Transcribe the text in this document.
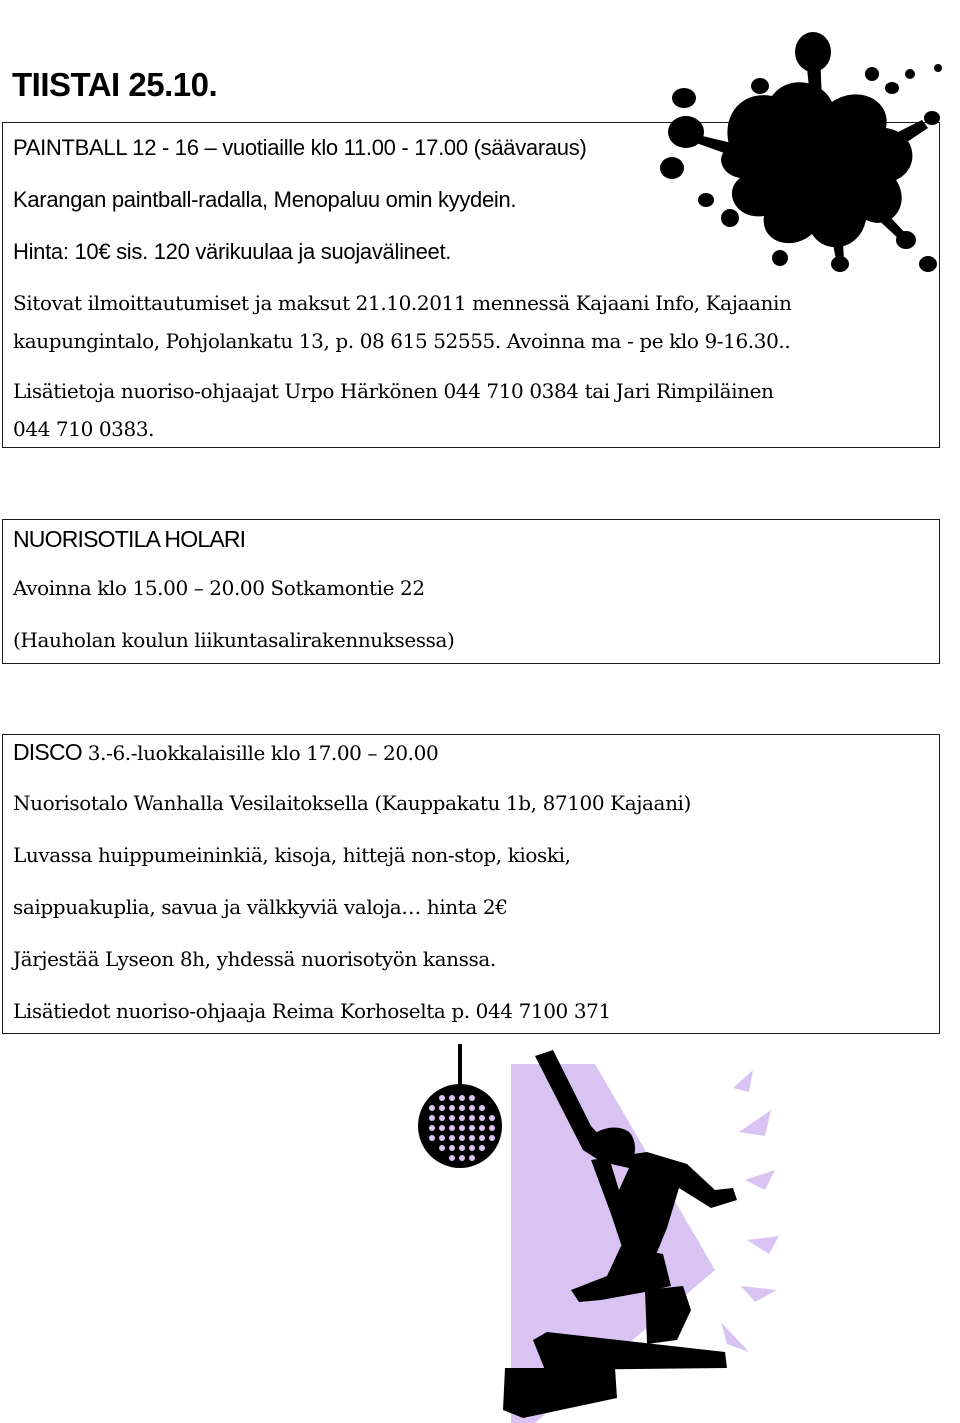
TIISTAI 25.10.
PAINTBALL 12 - 16 – vuotiaille klo 11.00 - 17.00 (säävaraus)
Karangan paintball-radalla, Menopaluu omin kyydein.
Hinta: 10€ sis. 120 värikuulaa ja suojavälineet.
Sitovat ilmoittautumiset ja maksut 21.10.2011 mennessä Kajaani Info, Kajaanin
kaupungintalo, Pohjolankatu 13, p. 08 615 52555. Avoinna ma - pe klo 9-16.30..
Lisätietoja nuoriso-ohjaajat Urpo Härkönen 044 710 0384 tai Jari Rimpiläinen
044 710 0383.
NUORISOTILA HOLARI
Avoinna klo 15.00 – 20.00 Sotkamontie 22
(Hauholan koulun liikuntasalirakennuksessa)
DISCO 3.-6.-luokkalaisille klo 17.00 – 20.00
Nuorisotalo Wanhalla Vesilaitoksella (Kauppakatu 1b, 87100 Kajaani)
Luvassa huippumeininkiä, kisoja, hittejä non-stop, kioski,
saippuakuplia, savua ja välkkyviä valoja… hinta 2€
Järjestää Lyseon 8h, yhdessä nuorisotyön kanssa.
Lisätiedot nuoriso-ohjaaja Reima Korhoselta p. 044 7100 371
